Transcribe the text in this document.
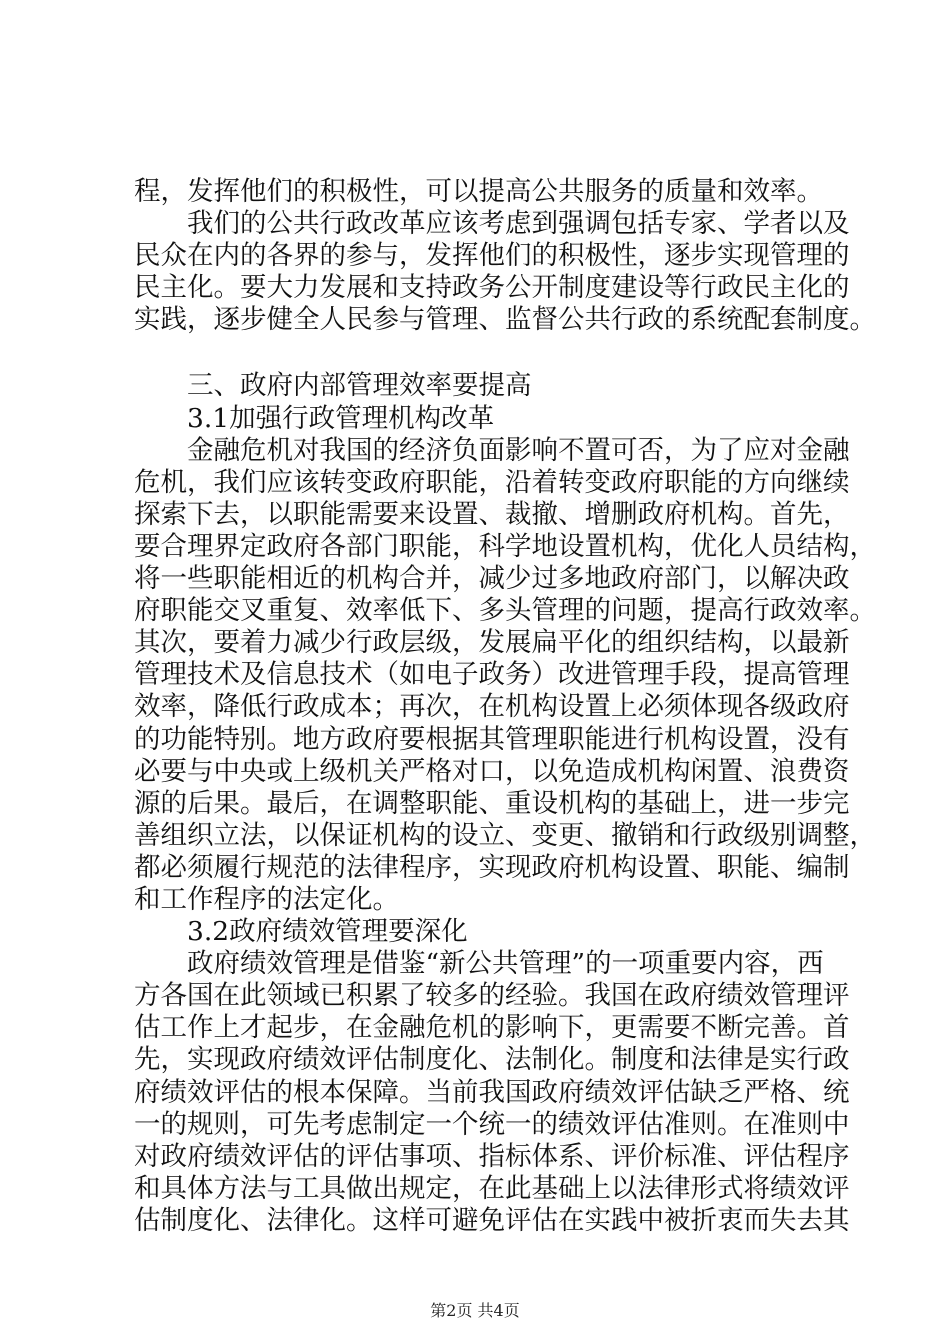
程，发挥他们的积极性，可以提高公共服务的质量和效率。
　　我们的公共行政改革应该考虑到强调包括专家、学者以及
民众在内的各界的参与，发挥他们的积极性，逐步实现管理的
民主化。要大力发展和支持政务公开制度建设等行政民主化的
实践，逐步健全人民参与管理、监督公共行政的系统配套制度。
　　三、政府内部管理效率要提高
　　3.1加强行政管理机构改革
　　金融危机对我国的经济负面影响不置可否，为了应对金融
危机，我们应该转变政府职能，沿着转变政府职能的方向继续
探索下去，以职能需要来设置、裁撤、增删政府机构。首先，
要合理界定政府各部门职能，科学地设置机构，优化人员结构，
将一些职能相近的机构合并，减少过多地政府部门，以解决政
府职能交叉重复、效率低下、多头管理的问题，提高行政效率。
其次，要着力减少行政层级，发展扁平化的组织结构，以最新
管理技术及信息技术（如电子政务）改进管理手段，提高管理
效率，降低行政成本；再次，在机构设置上必须体现各级政府
的功能特别。地方政府要根据其管理职能进行机构设置，没有
必要与中央或上级机关严格对口，以免造成机构闲置、浪费资
源的后果。最后，在调整职能、重设机构的基础上，进一步完
善组织立法，以保证机构的设立、变更、撤销和行政级别调整，
都必须履行规范的法律程序，实现政府机构设置、职能、编制
和工作程序的法定化。
　　3.2政府绩效管理要深化
　　政府绩效管理是借鉴“新公共管理”的一项重要内容，西
方各国在此领域已积累了较多的经验。我国在政府绩效管理评
估工作上才起步，在金融危机的影响下，更需要不断完善。首
先，实现政府绩效评估制度化、法制化。制度和法律是实行政
府绩效评估的根本保障。当前我国政府绩效评估缺乏严格、统
一的规则，可先考虑制定一个统一的绩效评估准则。在准则中
对政府绩效评估的评估事项、指标体系、评价标准、评估程序
和具体方法与工具做出规定，在此基础上以法律形式将绩效评
估制度化、法律化。这样可避免评估在实践中被折衷而失去其
第2页 共4页
